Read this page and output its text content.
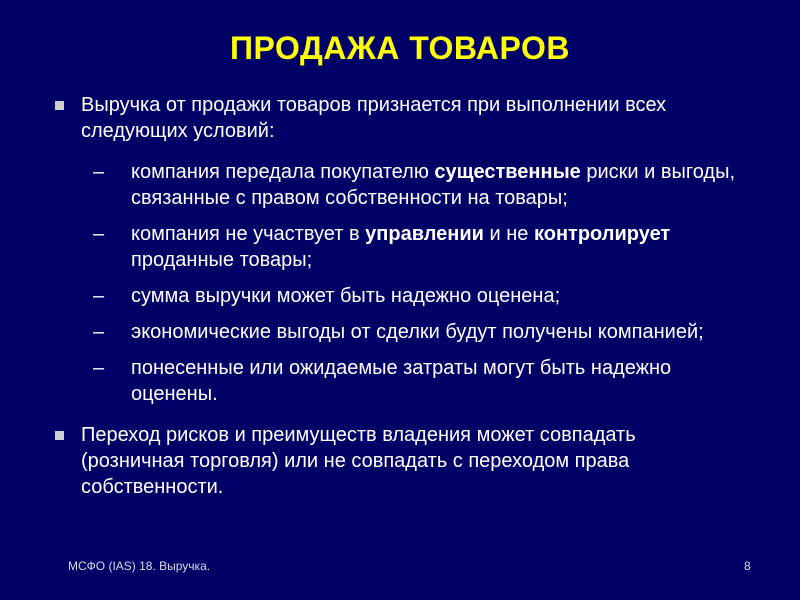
ПРОДАЖА ТОВАРОВ
Выручка от продажи товаров признается при выполнении всех следующих условий:
– компания передала покупателю существенные риски и выгоды, связанные с правом собственности на товары;
– компания не участвует в управлении и не контролирует проданные товары;
– сумма выручки может быть надежно оценена;
– экономические выгоды от сделки будут получены компанией;
– понесенные или ожидаемые затраты могут быть надежно оценены.
Переход рисков и преимуществ владения может совпадать (розничная торговля) или не совпадать с переходом права собственности.
МСФО (IAS) 18. Выручка.	8
